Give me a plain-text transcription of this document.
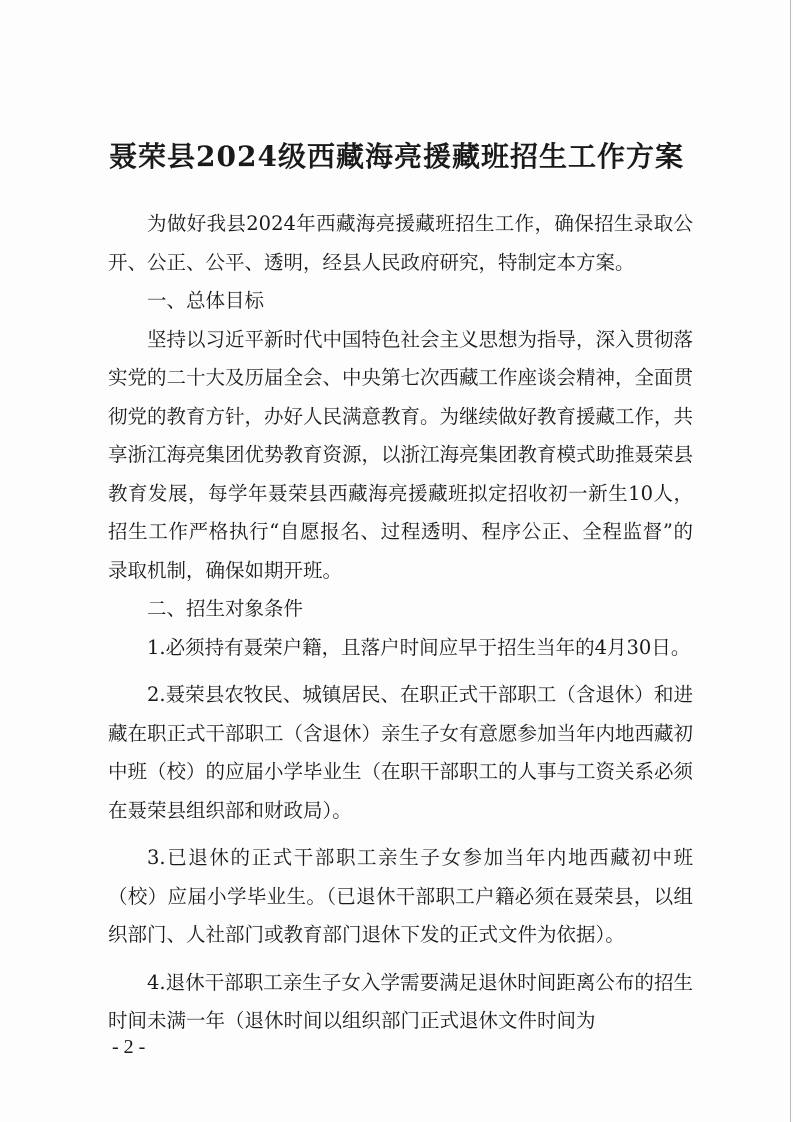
聂荣县2024级西藏海亮援藏班招生工作方案

为做好我县2024年西藏海亮援藏班招生工作，确保招生录取公开、公正、公平、透明，经县人民政府研究，特制定本方案。

一、总体目标

坚持以习近平新时代中国特色社会主义思想为指导，深入贯彻落实党的二十大及历届全会、中央第七次西藏工作座谈会精神，全面贯彻党的教育方针，办好人民满意教育。为继续做好教育援藏工作，共享浙江海亮集团优势教育资源，以浙江海亮集团教育模式助推聂荣县教育发展，每学年聂荣县西藏海亮援藏班拟定招收初一新生10人，招生工作严格执行“自愿报名、过程透明、程序公正、全程监督”的录取机制，确保如期开班。

二、招生对象条件

1.必须持有聂荣户籍，且落户时间应早于招生当年的4月30日。

2.聂荣县农牧民、城镇居民、在职正式干部职工（含退休）和进藏在职正式干部职工（含退休）亲生子女有意愿参加当年内地西藏初中班（校）的应届小学毕业生（在职干部职工的人事与工资关系必须在聂荣县组织部和财政局）。

3.已退休的正式干部职工亲生子女参加当年内地西藏初中班（校）应届小学毕业生。（已退休干部职工户籍必须在聂荣县，以组织部门、人社部门或教育部门退休下发的正式文件为依据）。

4.退休干部职工亲生子女入学需要满足退休时间距离公布的招生时间未满一年（退休时间以组织部门正式退休文件时间为

- 2 -
